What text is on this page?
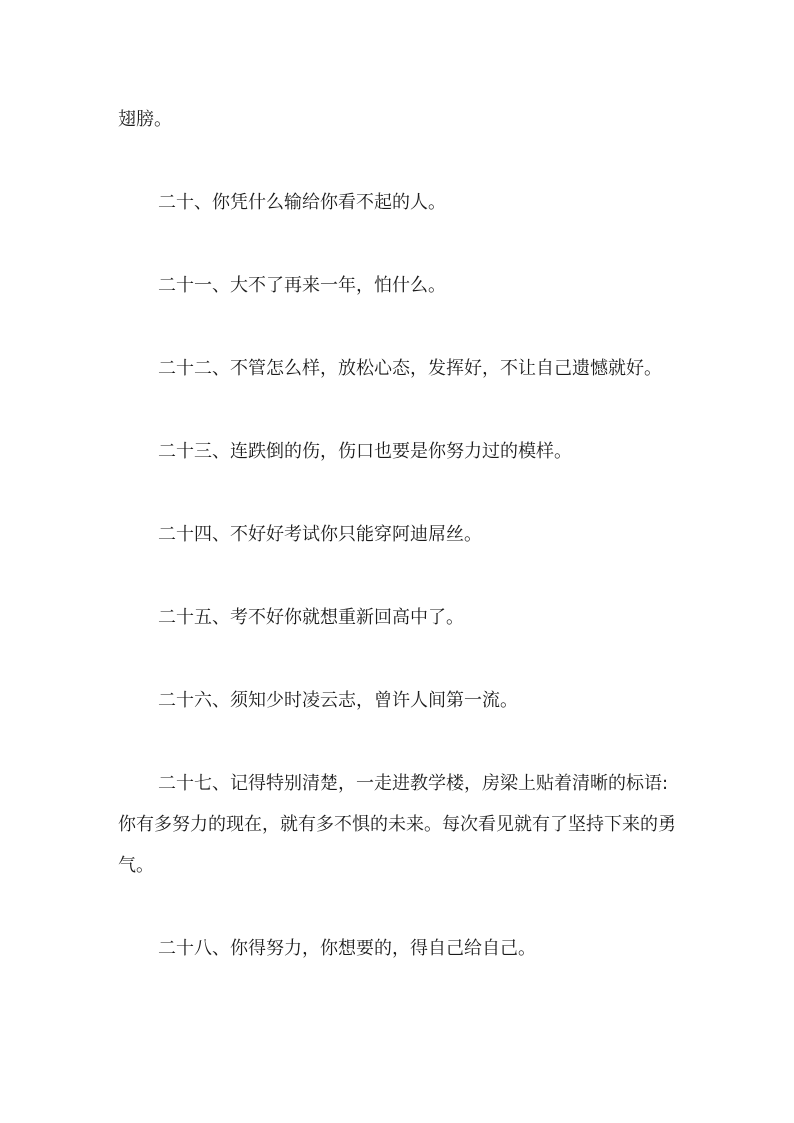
翅膀。

二十、你凭什么输给你看不起的人。

二十一、大不了再来一年，怕什么。

二十二、不管怎么样，放松心态，发挥好，不让自己遗憾就好。

二十三、连跌倒的伤，伤口也要是你努力过的模样。

二十四、不好好考试你只能穿阿迪屌丝。

二十五、考不好你就想重新回高中了。

二十六、须知少时凌云志，曾许人间第一流。

二十七、记得特别清楚，一走进教学楼，房梁上贴着清晰的标语:你有多努力的现在，就有多不惧的未来。每次看见就有了坚持下来的勇气。

二十八、你得努力，你想要的，得自己给自己。
